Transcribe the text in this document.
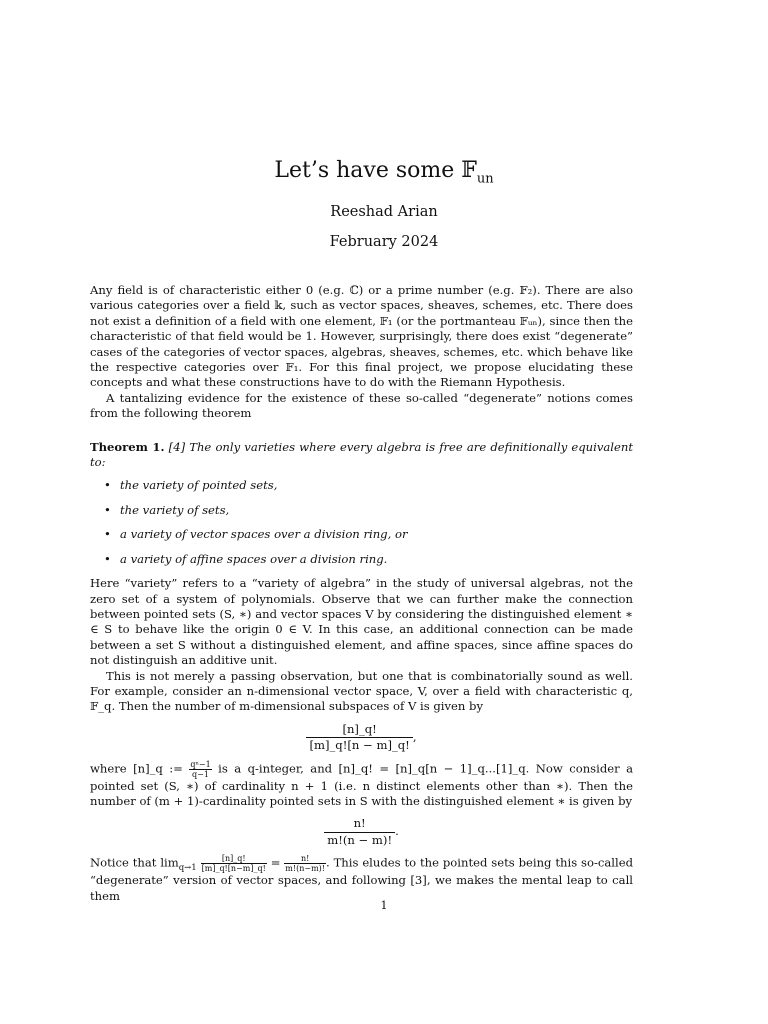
Let’s have some 𝔽$_{un}$
Reeshad Arian
February 2024

Any field is of characteristic either 0 (e.g. ℂ) or a prime number (e.g. 𝔽₂). There are also various categories over a field 𝕜, such as vector spaces, sheaves, schemes, etc. There does not exist a definition of a field with one element, 𝔽₁ (or the portmanteau 𝔽ᵤₙ), since then the characteristic of that field would be 1. However, surprisingly, there does exist “degenerate” cases of the categories of vector spaces, algebras, sheaves, schemes, etc. which behave like the respective categories over 𝔽₁. For this final project, we propose elucidating these concepts and what these constructions have to do with the Riemann Hypothesis.

A tantalizing evidence for the existence of these so-called “degenerate” notions comes from the following theorem

Theorem 1. [4] The only varieties where every algebra is free are definitionally equivalent to:

• the variety of pointed sets,
• the variety of sets,
• a variety of vector spaces over a division ring, or
• a variety of affine spaces over a division ring.

Here “variety” refers to a “variety of algebra” in the study of universal algebras, not the zero set of a system of polynomials. Observe that we can further make the connection between pointed sets (S, ∗) and vector spaces V by considering the distinguished element ∗ ∈ S to behave like the origin 0 ∈ V. In this case, an additional connection can be made between a set S without a distinguished element, and affine spaces, since affine spaces do not distinguish an additive unit.

This is not merely a passing observation, but one that is combinatorially sound as well. For example, consider an n-dimensional vector space, V, over a field with characteristic q, 𝔽_q. Then the number of m-dimensional subspaces of V is given by

$\frac{[n]\_q!}{[m]\_q![n - m]\_q!}$ ,

where [n]_q := $\frac{\text{qⁿ−1}}{q-1}$ is a q-integer, and [n]_q! = [n]_q[n − 1]_q...[1]_q. Now consider a pointed set (S, ∗) of cardinality n + 1 (i.e. n distinct elements other than ∗). Then the number of (m + 1)-cardinality pointed sets in S with the distinguished element ∗ is given by

$\frac{n!}{m!(n - m)!}$ .

Notice that $\lim_{q\to 1} \frac{[n]\_q!}{[m]\_q![n-m]\_q!} = \frac{n!}{m!(n-m)!}$ . This eludes to the pointed sets being this so-called “degenerate” version of vector spaces, and following [3], we makes the mental leap to call them

1
